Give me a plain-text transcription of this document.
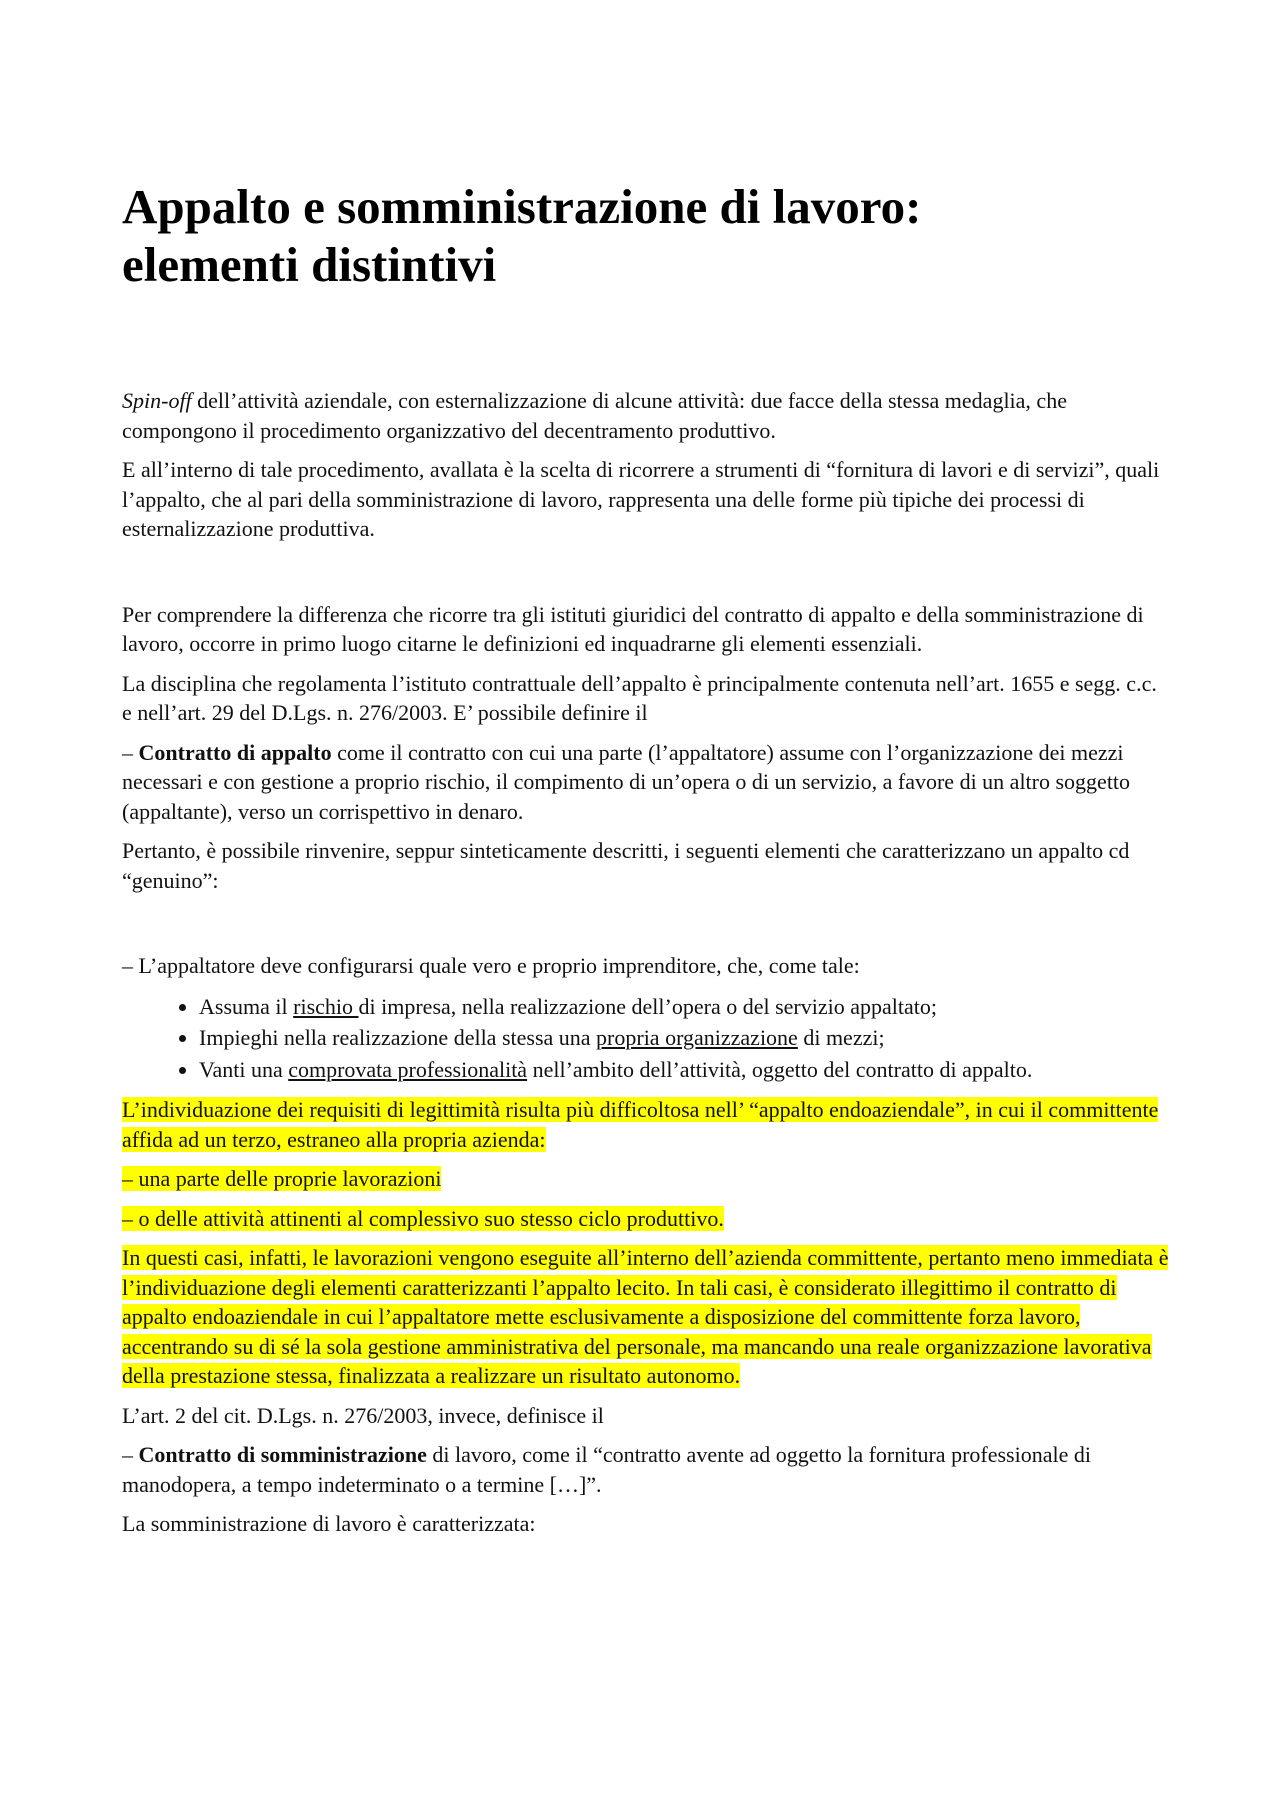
Appalto e somministrazione di lavoro:
elementi distintivi

Spin-off dell’attività aziendale, con esternalizzazione di alcune attività: due facce della stessa medaglia, che compongono il procedimento organizzativo del decentramento produttivo.

E all’interno di tale procedimento, avallata è la scelta di ricorrere a strumenti di “fornitura di lavori e di servizi”, quali l’appalto, che al pari della somministrazione di lavoro, rappresenta una delle forme più tipiche dei processi di esternalizzazione produttiva.

Per comprendere la differenza che ricorre tra gli istituti giuridici del contratto di appalto e della somministrazione di lavoro, occorre in primo luogo citarne le definizioni ed inquadrarne gli elementi essenziali.

La disciplina che regolamenta l’istituto contrattuale dell’appalto è principalmente contenuta nell’art. 1655 e segg. c.c. e nell’art. 29 del D.Lgs. n. 276/2003. E’ possibile definire il

– Contratto di appalto come il contratto con cui una parte (l’appaltatore) assume con l’organizzazione dei mezzi necessari e con gestione a proprio rischio, il compimento di un’opera o di un servizio, a favore di un altro soggetto (appaltante), verso un corrispettivo in denaro.

Pertanto, è possibile rinvenire, seppur sinteticamente descritti, i seguenti elementi che caratterizzano un appalto cd “genuino”:

– L’appaltatore deve configurarsi quale vero e proprio imprenditore, che, come tale:

• Assuma il rischio di impresa, nella realizzazione dell’opera o del servizio appaltato;
• Impieghi nella realizzazione della stessa una propria organizzazione di mezzi;
• Vanti una comprovata professionalità nell’ambito dell’attività, oggetto del contratto di appalto.

L’individuazione dei requisiti di legittimità risulta più difficoltosa nell’ “appalto endoaziendale”, in cui il committente affida ad un terzo, estraneo alla propria azienda:

– una parte delle proprie lavorazioni

– o delle attività attinenti al complessivo suo stesso ciclo produttivo.

In questi casi, infatti, le lavorazioni vengono eseguite all’interno dell’azienda committente, pertanto meno immediata è l’individuazione degli elementi caratterizzanti l’appalto lecito. In tali casi, è considerato illegittimo il contratto di appalto endoaziendale in cui l’appaltatore mette esclusivamente a disposizione del committente forza lavoro, accentrando su di sé la sola gestione amministrativa del personale, ma mancando una reale organizzazione lavorativa della prestazione stessa, finalizzata a realizzare un risultato autonomo.

L’art. 2 del cit. D.Lgs. n. 276/2003, invece, definisce il

– Contratto di somministrazione di lavoro, come il “contratto avente ad oggetto la fornitura professionale di manodopera, a tempo indeterminato o a termine […]”.

La somministrazione di lavoro è caratterizzata:
